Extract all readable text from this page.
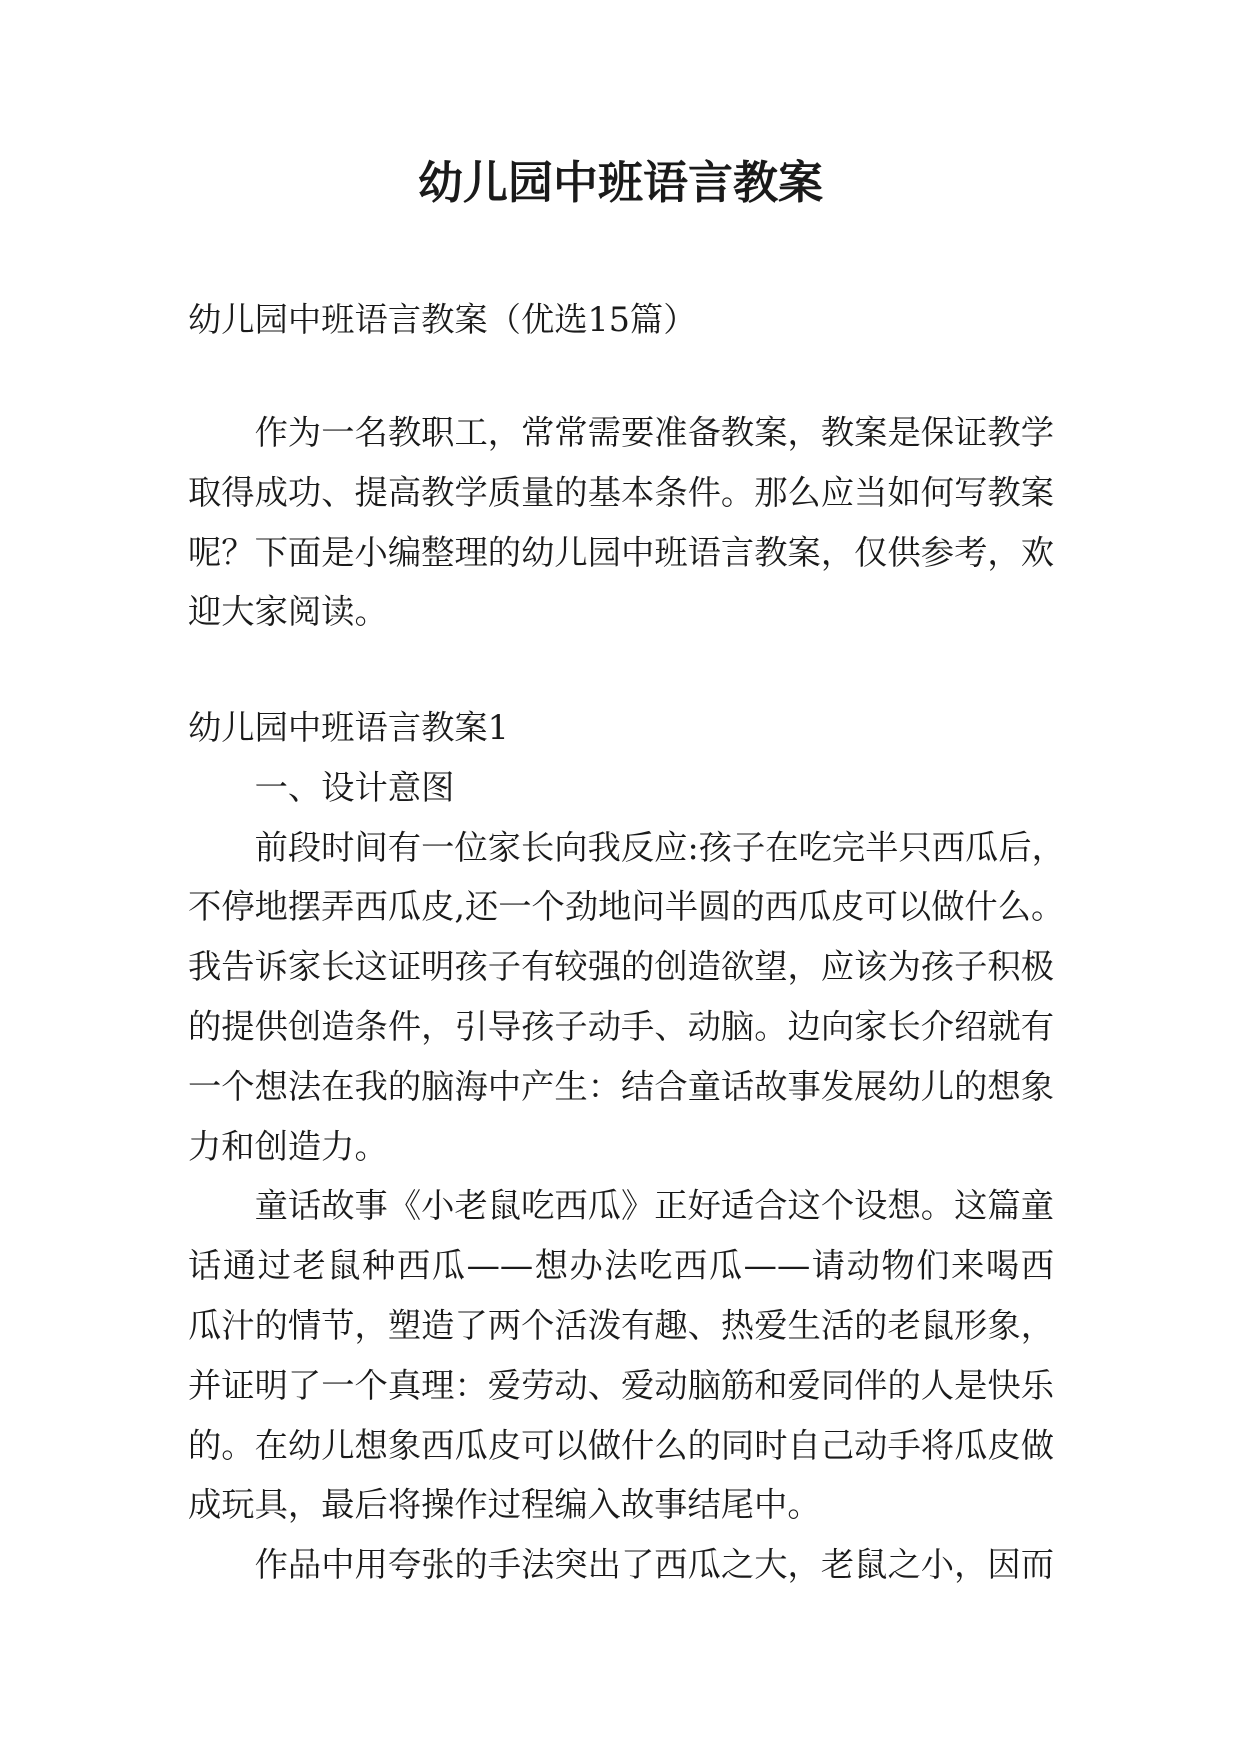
幼儿园中班语言教案
幼儿园中班语言教案（优选15篇）
作为一名教职工，常常需要准备教案，教案是保证教学
取得成功、提高教学质量的基本条件。那么应当如何写教案
呢？下面是小编整理的幼儿园中班语言教案，仅供参考，欢
迎大家阅读。
幼儿园中班语言教案1
一、设计意图
前段时间有一位家长向我反应:孩子在吃完半只西瓜后，
不停地摆弄西瓜皮,还一个劲地问半圆的西瓜皮可以做什么。
我告诉家长这证明孩子有较强的创造欲望，应该为孩子积极
的提供创造条件，引导孩子动手、动脑。边向家长介绍就有
一个想法在我的脑海中产生：结合童话故事发展幼儿的想象
力和创造力。
童话故事《小老鼠吃西瓜》正好适合这个设想。这篇童
话通过老鼠种西瓜——想办法吃西瓜——请动物们来喝西
瓜汁的情节，塑造了两个活泼有趣、热爱生活的老鼠形象，
并证明了一个真理：爱劳动、爱动脑筋和爱同伴的人是快乐
的。在幼儿想象西瓜皮可以做什么的同时自己动手将瓜皮做
成玩具，最后将操作过程编入故事结尾中。
作品中用夸张的手法突出了西瓜之大，老鼠之小，因而
